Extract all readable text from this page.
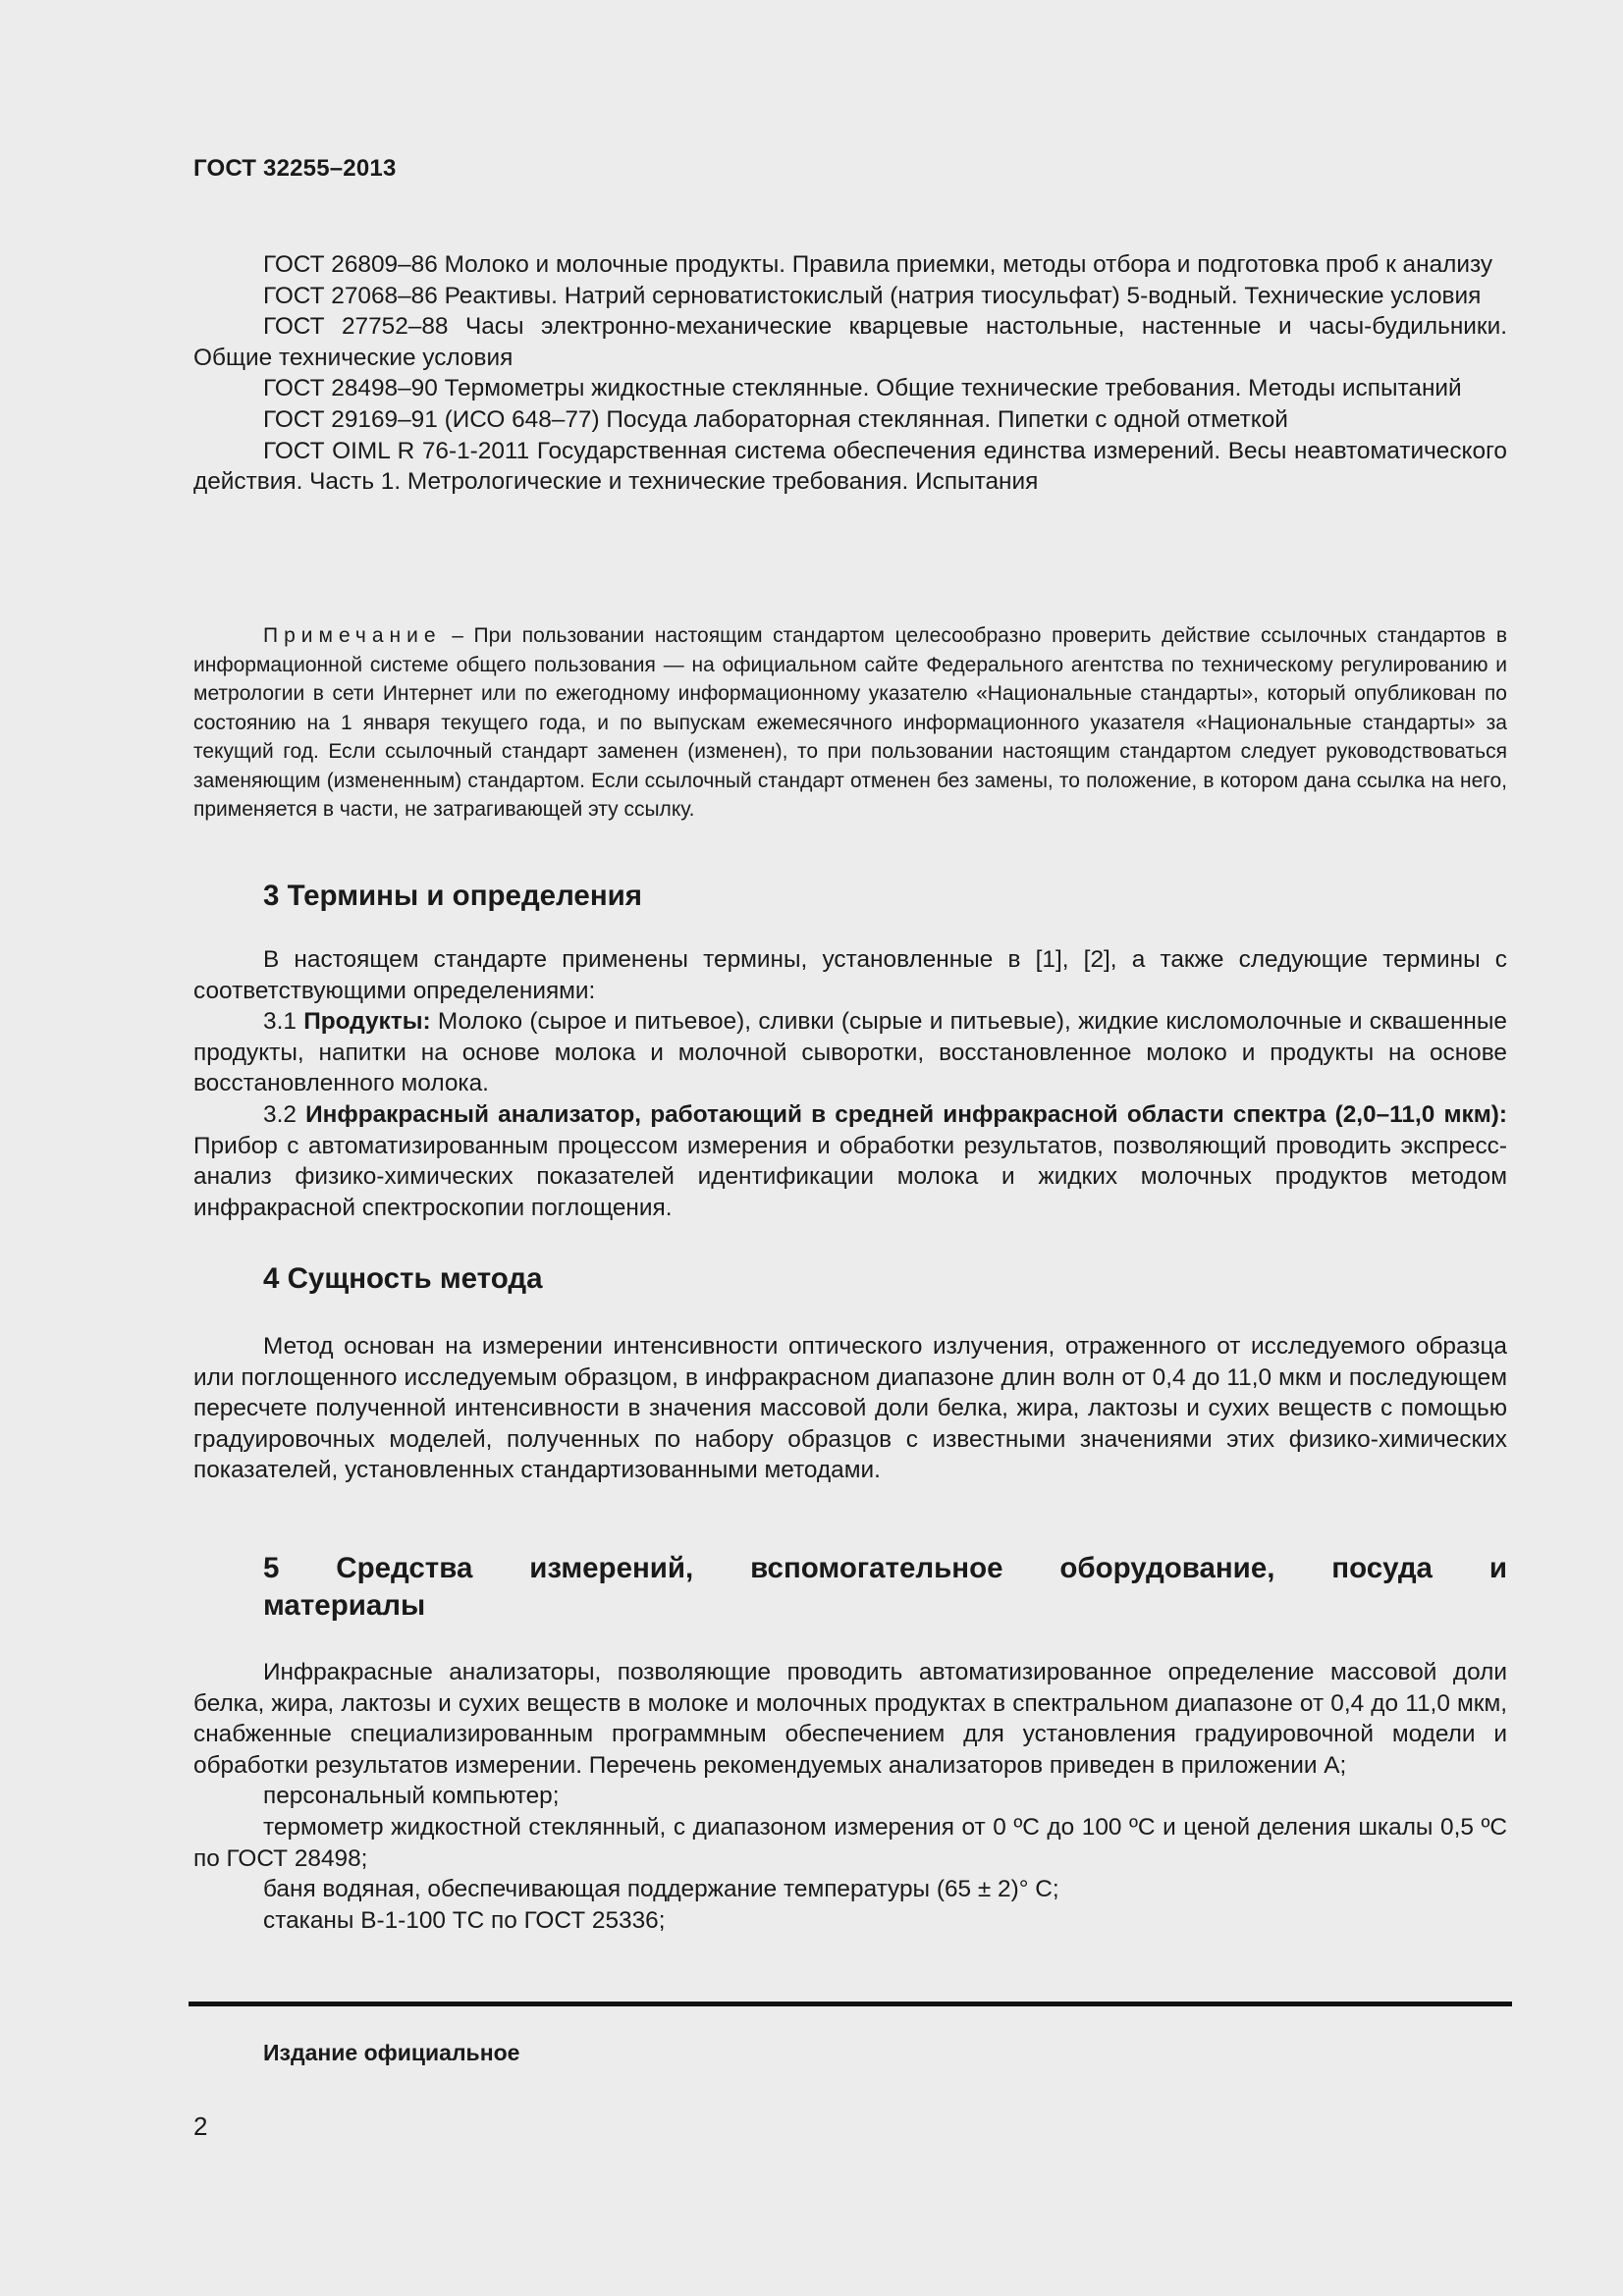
ГОСТ 32255–2013

ГОСТ 26809–86 Молоко и молочные продукты. Правила приемки, методы отбора и подготовка проб к анализу

ГОСТ 27068–86 Реактивы. Натрий серноватистокислый (натрия тиосульфат) 5-водный. Технические условия

ГОСТ 27752–88 Часы электронно-механические кварцевые настольные, настенные и часы-будильники. Общие технические условия

ГОСТ 28498–90 Термометры жидкостные стеклянные. Общие технические требования. Методы испытаний

ГОСТ 29169–91 (ИСО 648–77) Посуда лабораторная стеклянная. Пипетки с одной отметкой

ГОСТ OIML R 76-1-2011 Государственная система обеспечения единства измерений. Весы неавтоматического действия. Часть 1. Метрологические и технические требования. Испытания

Примечание – При пользовании настоящим стандартом целесообразно проверить действие ссылочных стандартов в информационной системе общего пользования — на официальном сайте Федерального агентства по техническому регулированию и метрологии в сети Интернет или по ежегодному информационному указателю «Национальные стандарты», который опубликован по состоянию на 1 января текущего года, и по выпускам ежемесячного информационного указателя «Национальные стандарты» за текущий год. Если ссылочный стандарт заменен (изменен), то при пользовании настоящим стандартом следует руководствоваться заменяющим (измененным) стандартом. Если ссылочный стандарт отменен без замены, то положение, в котором дана ссылка на него, применяется в части, не затрагивающей эту ссылку.
3 Термины и определения

В настоящем стандарте применены термины, установленные в [1], [2], а также следующие термины с соответствующими определениями:

3.1 Продукты: Молоко (сырое и питьевое), сливки (сырые и питьевые), жидкие кисломолочные и сквашенные продукты, напитки на основе молока и молочной сыворотки, восстановленное молоко и продукты на основе восстановленного молока.

3.2 Инфракрасный анализатор, работающий в средней инфракрасной области спектра (2,0–11,0 мкм): Прибор с автоматизированным процессом измерения и обработки результатов, позволяющий проводить экспресс-анализ физико-химических показателей идентификации молока и жидких молочных продуктов методом инфракрасной спектроскопии поглощения.

4 Сущность метода

Метод основан на измерении интенсивности оптического излучения, отраженного от исследуемого образца или поглощенного исследуемым образцом, в инфракрасном диапазоне длин волн от 0,4 до 11,0 мкм и последующем пересчете полученной интенсивности в значения массовой доли белка, жира, лактозы и сухих веществ с помощью градуировочных моделей, полученных по набору образцов с известными значениями этих физико-химических показателей, установленных стандартизованными методами.

5 Средства измерений, вспомогательное оборудование, посуда и
материалы

Инфракрасные анализаторы, позволяющие проводить автоматизированное определение массовой доли белка, жира, лактозы и сухих веществ в молоке и молочных продуктах в спектральном диапазоне от 0,4 до 11,0 мкм, снабженные специализированным программным обеспечением для установления градуировочной модели и обработки результатов измерении. Перечень рекомендуемых анализаторов приведен в приложении А;

персональный компьютер;

термометр жидкостной стеклянный, с диапазоном измерения от 0 ºС до 100 ºС и ценой деления шкалы 0,5 ºС по ГОСТ 28498;

баня водяная, обеспечивающая поддержание температуры (65 ± 2)° С;

стаканы В-1-100 ТС по ГОСТ 25336;

Издание официальное
2
